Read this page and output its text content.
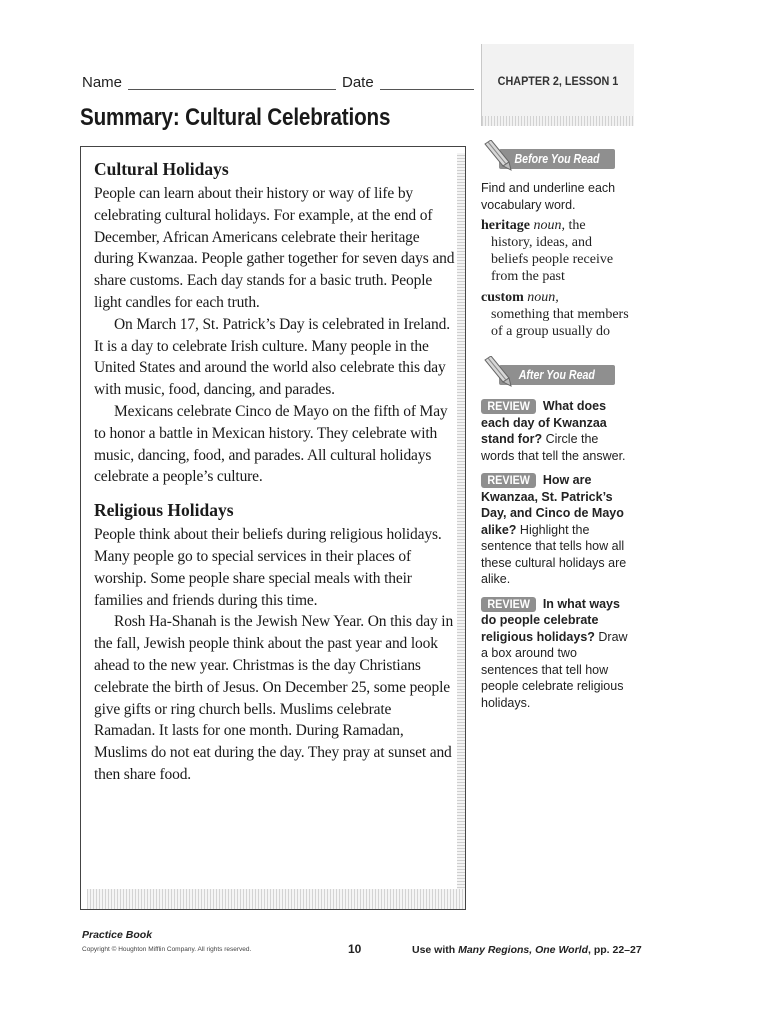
Name	Date
Summary: Cultural Celebrations
CHAPTER 2, LESSON 1
Cultural Holidays

People can learn about their history or way of life by celebrating cultural holidays. For example, at the end of December, African Americans celebrate their heritage during Kwanzaa. People gather together for seven days and share customs. Each day stands for a basic truth. People light candles for each truth.

On March 17, St. Patrick’s Day is celebrated in Ireland. It is a day to celebrate Irish culture. Many people in the United States and around the world also celebrate this day with music, food, dancing, and parades.

Mexicans celebrate Cinco de Mayo on the fifth of May to honor a battle in Mexican history. They celebrate with music, dancing, food, and parades. All cultural holidays celebrate a people’s culture.

Religious Holidays

People think about their beliefs during religious holidays. Many people go to special services in their places of worship. Some people share special meals with their families and friends during this time.

Rosh Ha-Shanah is the Jewish New Year. On this day in the fall, Jewish people think about the past year and look ahead to the new year. Christmas is the day Christians celebrate the birth of Jesus. On December 25, some people give gifts or ring church bells. Muslims celebrate Ramadan. It lasts for one month. During Ramadan, Muslims do not eat during the day. They pray at sunset and then share food.

Before You Read

Find and underline each vocabulary word.

heritage noun, the
history, ideas, and beliefs people receive from the past
custom noun,
something that members of a group usually do
After You Read

REVIEW What does each day of Kwanzaa stand for? Circle the words that tell the answer.

REVIEW How are Kwanzaa, St. Patrick’s Day, and Cinco de Mayo alike? Highlight the sentence that tells how all these cultural holidays are alike.

REVIEW In what ways do people celebrate religious holidays? Draw a box around two sentences that tell how people celebrate religious holidays.

Practice Book
Copyright © Houghton Mifflin Company. All rights reserved.	10	Use with Many Regions, One World, pp. 22–27
